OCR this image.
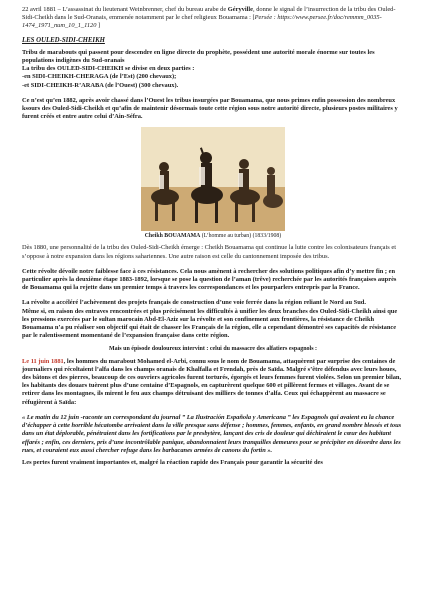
22 avril 1881 – L’assassinat du lieutenant Weinbrenner, chef du bureau arabe de Géryville, donne le signal de l’insurrection de la tribu des Ouled-Sidi-Cheikh dans le Sud-Oranais, emmenée notamment par le chef religieux Bouamama : [Persée : https://www.persee.fr/doc/remmm_0035-1474_1971_num_10_1_1120 ]

LES OULED-SIDI-CHEIKH

Tribu de marabouts qui passent pour descendre en ligne directe du prophète, possédent une autorité morale énorme sur toutes les populations indigènes du Sud-oranais

La tribu des OULED-SIDI-CHEIKH se divise en deux parties :

-en SIDI-CHEIKH-CHERAGA (de l’Est) (200 chevaux);

-et SIDI-CHEIKH-R’ARABA (de l’Ouest) (300 chevaux).

Ce n’est qu’en 1882, après avoir chassé dans l’Ouest les tribus insurgées par Bouamama, que nous primes enfin possession des nombreux ksours des Ouled-Sidi-Cheikh et qu’afin de maintenir désormais toute cette région sous notre autorité directe, plusieurs postes militaires y furent créés et entre autre celui d’Ain-Séfra.

Cheikh BOUAMAMA (L’homme au turban) (1833/1908)

Dès 1880, une personnalité de la tribu des Ouled-Sidi-Cheikh émerge : Cheikh Bouamama qui continue la lutte contre les colonisateurs français et s’oppose à notre expansion dans les régions sahariennes. Une autre raison est celle du cantonnement imposée des tribus.

Cette révolte dévoile notre faiblesse face à ces résistances. Cela nous amènent à rechercher des solutions politiques afin d’y mettre fin ; en particulier après la deuxième étape 1883-1892, lorsque se pose la question de l’aman (trêve) recherchée par les autorités françaises auprès de Bouamama qui la rejette dans un premier temps à travers les correspondances et les pourparlers entrepris par la France.

La révolte a accéléré l’achèvement des projets français de construction d’une voie ferrée dans la région reliant le Nord au Sud.

Même si, en raison des entraves rencontrées et plus précisément les difficultés à unifier les deux branches des Ouled-Sidi-Cheikh ainsi que les pressions exercées par le sultan marocain Abd-El-Aziz sur la révolte et son confinement aux frontières, la résistance de Cheikh Bouamama n’a pu réaliser son objectif qui était de chasser les Français de la région, elle a cependant démontré ses capacités de résistance par le ralentissement momentané de l’expansion française dans cette région.

Mais un épisode douloureux intervint : celui du massacre des alfatiers espagnols :

Le 11 juin 1881, les hommes du marabout Mohamed el-Arbi, connu sous le nom de Bouamama, attaquèrent par surprise des centaines de journaliers qui récoltaient l’alfa dans les champs oranais de Khalfalla et Frendah, près de Saïda. Malgré s’être défendus avec leurs houes, des bâtons et des pierres, beaucoup de ces ouvriers agricoles furent torturés, égorgés et leurs femmes furent violées. Selon un premier bilan, les habitants des douars tuèrent plus d’une centaine d’Espagnols, en capturèrent quelque 600 et pillèrent fermes et villages. Avant de se retirer dans les montagnes, ils mirent le feu aux champs détruisant des milliers de tonnes d’alfa. Ceux qui échappèrent au massacre se réfugièrent à Saïda:

« Le matin du 12 juin -raconte un correspondant du journal ” La Ilustración Española y Americana ” les Espagnols qui avaient eu la chance d’échapper à cette horrible hécatombe arrivaient dans la ville presque sans défense ; hommes, femmes, enfants, en grand nombre blessés et tous dans un état déplorable, pénétraient dans les fortifications par le presbytère, lançant des cris de douleur qui déchiraient le cœur des habitant effarés ; enfin, ces derniers, pris d’une incontrôlable panique, abandonnaient leurs tranquilles demeures pour se précipiter en désordre dans les rues, et couraient eux aussi chercher refuge dans les barbacanes armées de canons du fortin ».

Les pertes furent vraiment importantes et, malgré la réaction rapide des Français pour garantir la sécurité des
